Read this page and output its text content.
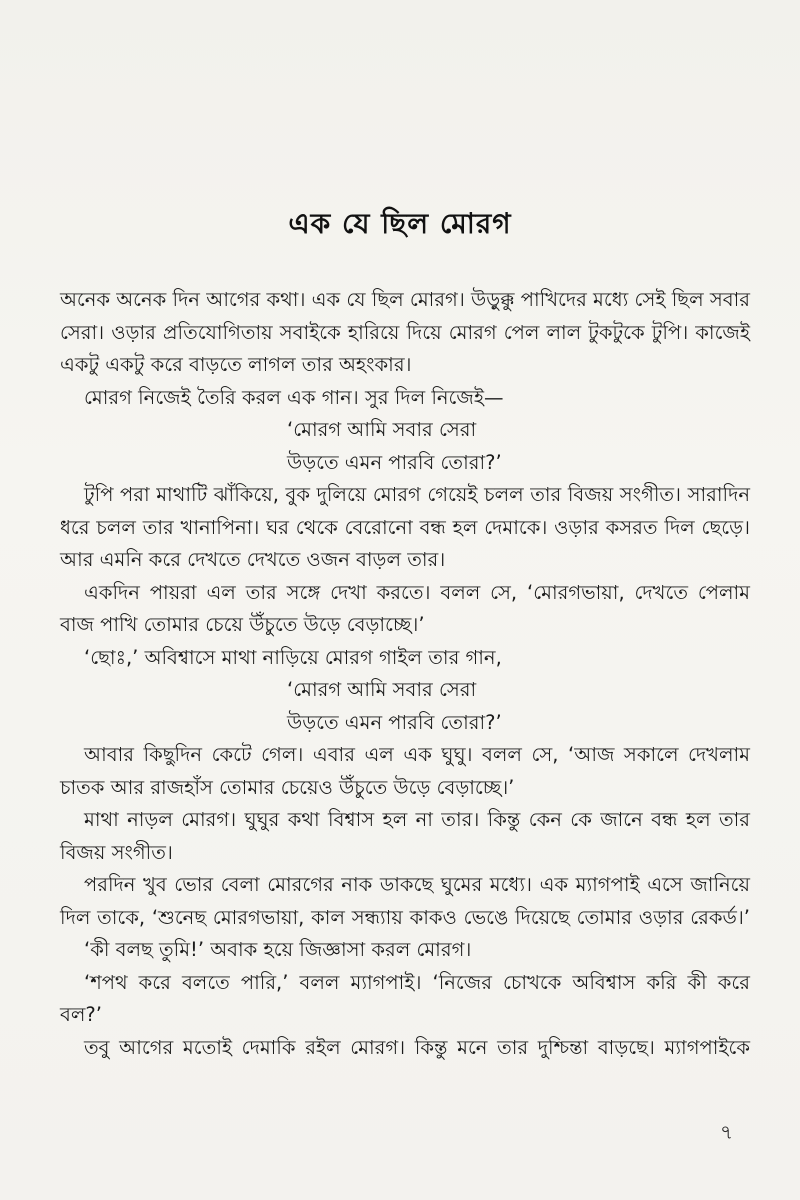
এক যে ছিল মোরগ
অনেক অনেক দিন আগের কথা। এক যে ছিল মোরগ। উড়ুক্কু পাখিদের মধ্যে সেই ছিল সবার
সেরা। ওড়ার প্রতিযোগিতায় সবাইকে হারিয়ে দিয়ে মোরগ পেল লাল টুকটুকে টুপি। কাজেই
একটু একটু করে বাড়তে লাগল তার অহংকার।
মোরগ নিজেই তৈরি করল এক গান। সুর দিল নিজেই—
‘মোরগ আমি সবার সেরা
উড়তে এমন পারবি তোরা?’
টুপি পরা মাথাটি ঝাঁকিয়ে, বুক দুলিয়ে মোরগ গেয়েই চলল তার বিজয় সংগীত। সারাদিন
ধরে চলল তার খানাপিনা। ঘর থেকে বেরোনো বন্ধ হল দেমাকে। ওড়ার কসরত দিল ছেড়ে।
আর এমনি করে দেখতে দেখতে ওজন বাড়ল তার।
একদিন পায়রা এল তার সঙ্গে দেখা করতে। বলল সে, ‘মোরগভায়া, দেখতে পেলাম
বাজ পাখি তোমার চেয়ে উঁচুতে উড়ে বেড়াচ্ছে।’
‘ছোঃ,’ অবিশ্বাসে মাথা নাড়িয়ে মোরগ গাইল তার গান,
‘মোরগ আমি সবার সেরা
উড়তে এমন পারবি তোরা?’
আবার কিছুদিন কেটে গেল। এবার এল এক ঘুঘু। বলল সে, ‘আজ সকালে দেখলাম
চাতক আর রাজহাঁস তোমার চেয়েও উঁচুতে উড়ে বেড়াচ্ছে।’
মাথা নাড়ল মোরগ। ঘুঘুর কথা বিশ্বাস হল না তার। কিন্তু কেন কে জানে বন্ধ হল তার
বিজয় সংগীত।
পরদিন খুব ভোর বেলা মোরগের নাক ডাকছে ঘুমের মধ্যে। এক ম্যাগপাই এসে জানিয়ে
দিল তাকে, ‘শুনেছ মোরগভায়া, কাল সন্ধ্যায় কাকও ভেঙে দিয়েছে তোমার ওড়ার রেকর্ড।’
‘কী বলছ তুমি!’ অবাক হয়ে জিজ্ঞাসা করল মোরগ।
‘শপথ করে বলতে পারি,’ বলল ম্যাগপাই। ‘নিজের চোখকে অবিশ্বাস করি কী করে
বল?’
তবু আগের মতোই দেমাকি রইল মোরগ। কিন্তু মনে তার দুশ্চিন্তা বাড়ছে। ম্যাগপাইকে
৭
